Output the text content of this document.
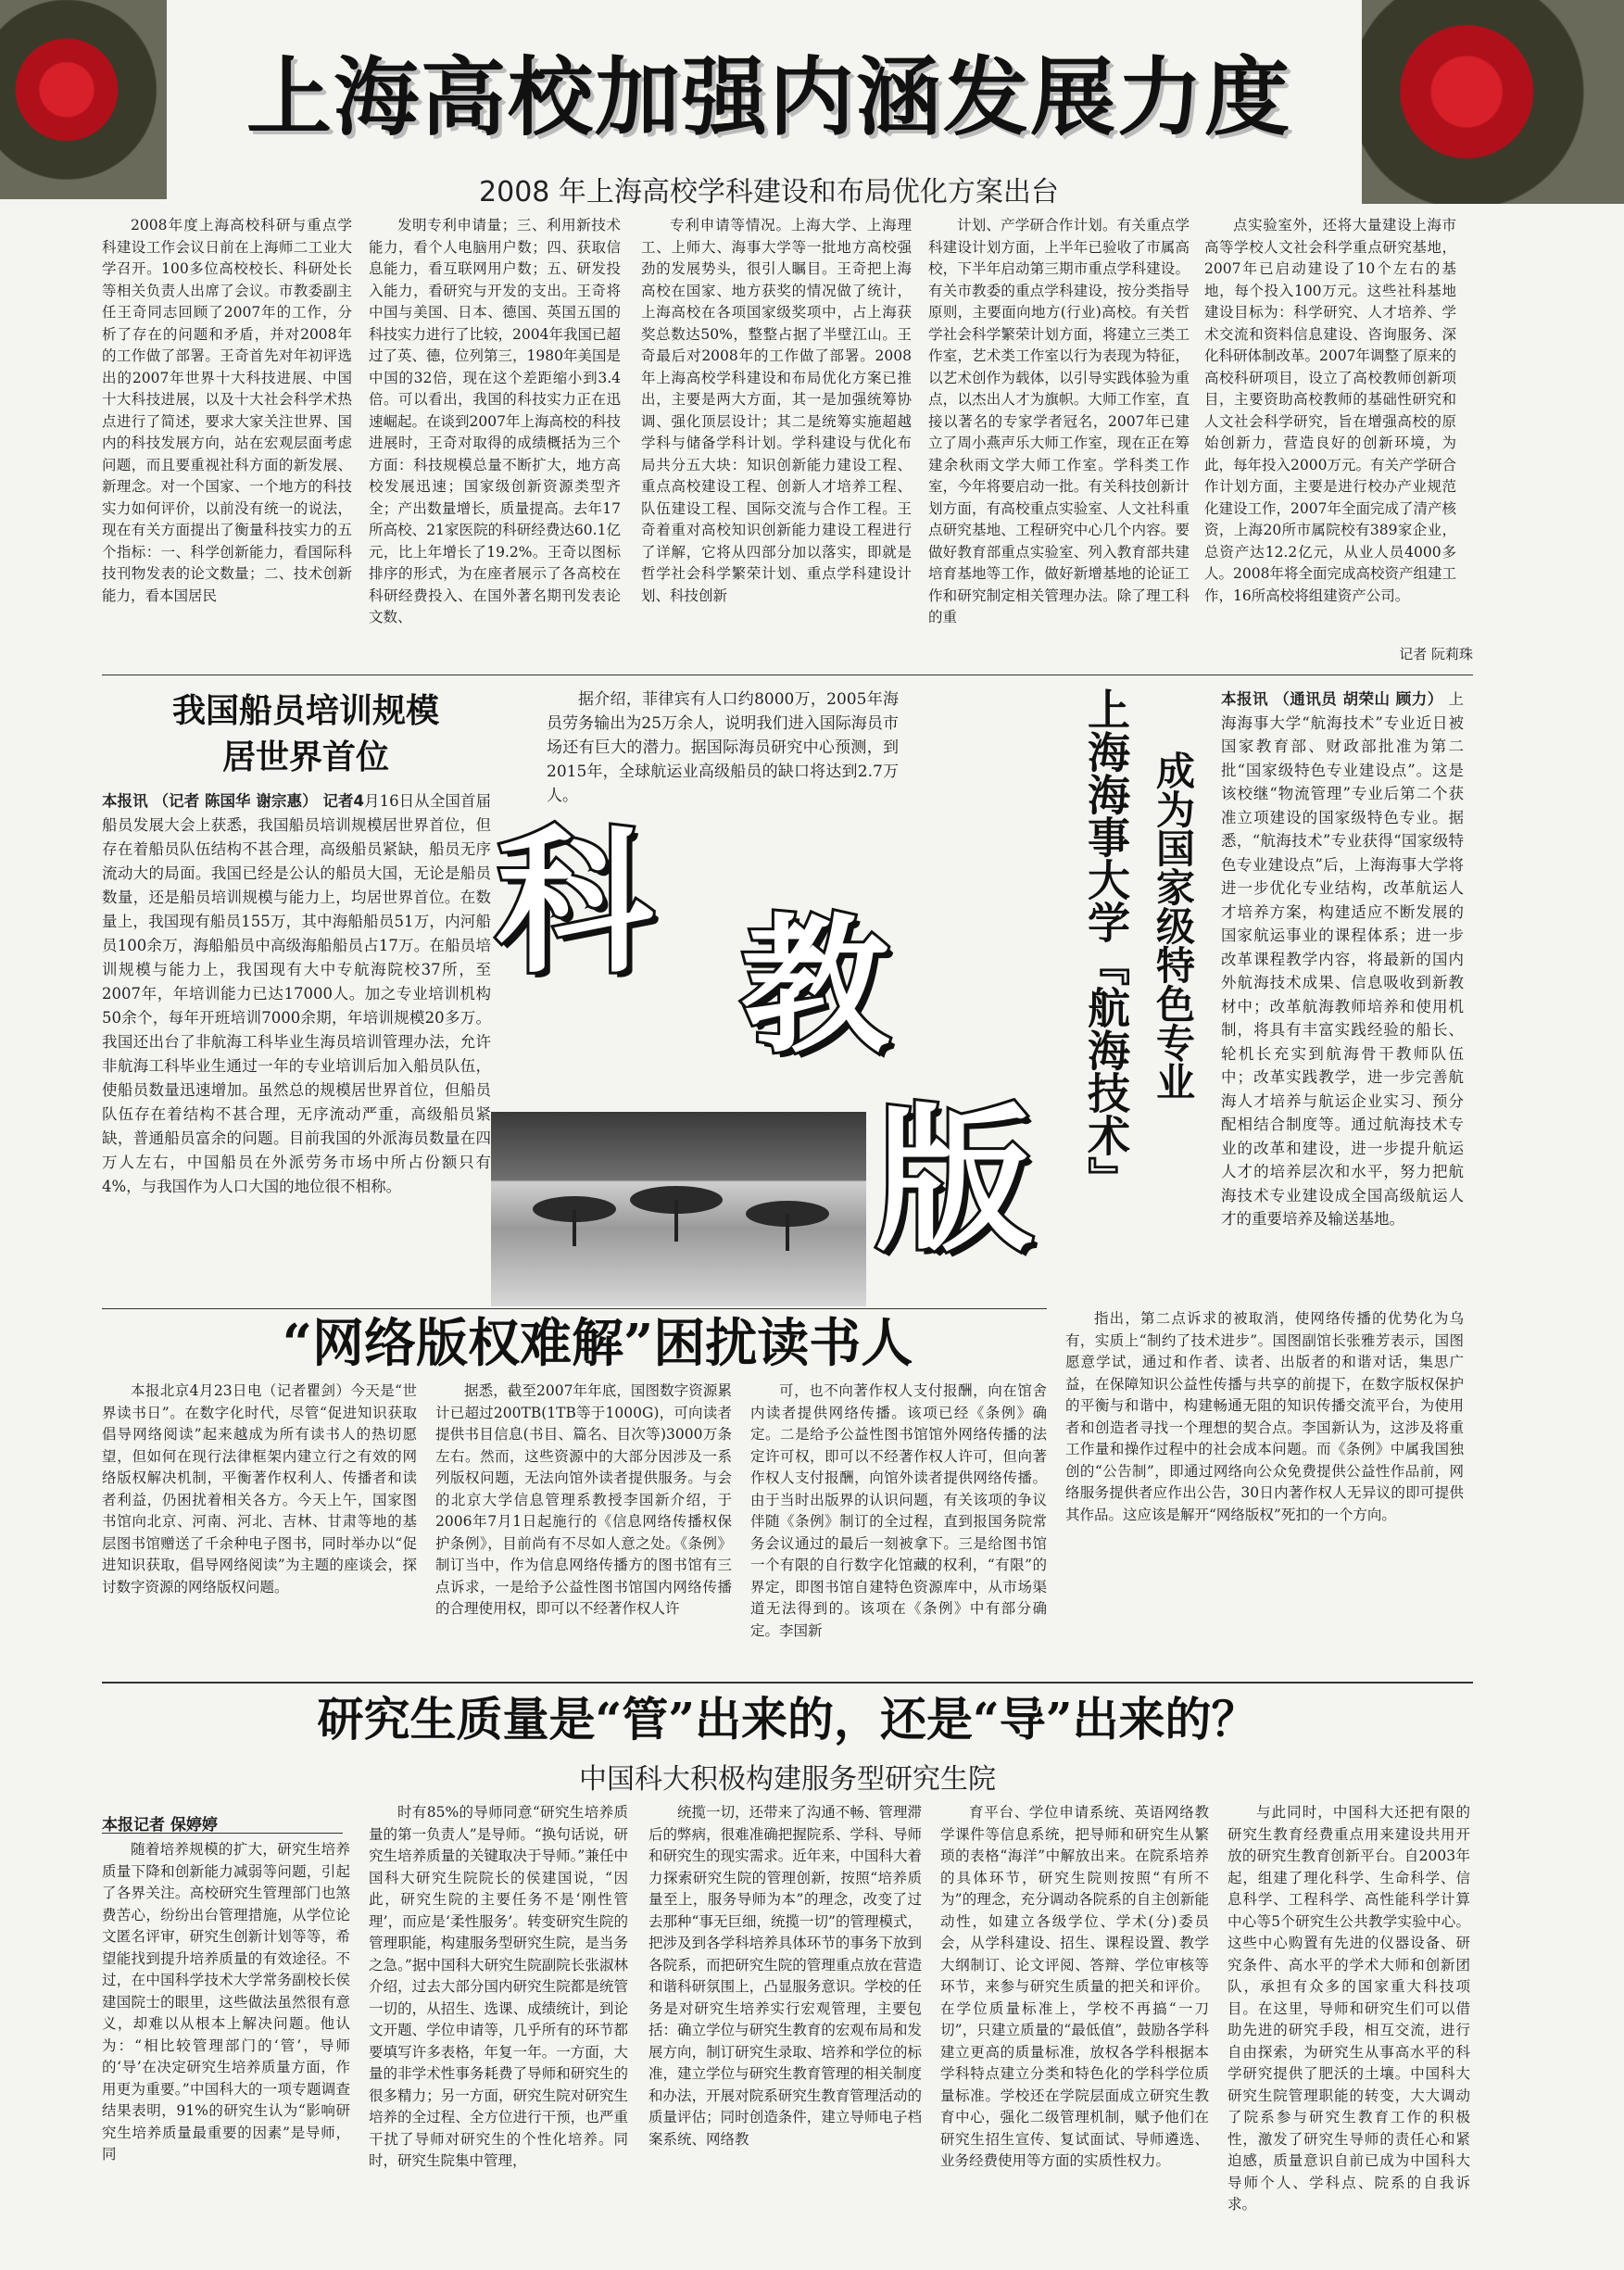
上海高校加强内涵发展力度
2008 年上海高校学科建设和布局优化方案出台

2008年度上海高校科研与重点学科建设工作会议日前在上海师二工业大学召开。100多位高校校长、科研处长等相关负责人出席了会议。市教委副主任王奇同志回顾了2007年的工作，分析了存在的问题和矛盾，并对2008年的工作做了部署。王奇首先对年初评选出的2007年世界十大科技进展、中国十大科技进展，以及十大社会科学术热点进行了简述，要求大家关注世界、国内的科技发展方向，站在宏观层面考虑问题，而且要重视社科方面的新发展、新理念。对一个国家、一个地方的科技实力如何评价，以前没有统一的说法，现在有关方面提出了衡量科技实力的五个指标：一、科学创新能力，看国际科技刊物发表的论文数量；二、技术创新能力，看本国居民

发明专利申请量；三、利用新技术能力，看个人电脑用户数；四、获取信息能力，看互联网用户数；五、研发投入能力，看研究与开发的支出。王奇将中国与美国、日本、德国、英国五国的科技实力进行了比较，2004年我国已超过了英、德，位列第三，1980年美国是中国的32倍，现在这个差距缩小到3.4倍。可以看出，我国的科技实力正在迅速崛起。在谈到2007年上海高校的科技进展时，王奇对取得的成绩概括为三个方面：科技规模总量不断扩大，地方高校发展迅速；国家级创新资源类型齐全；产出数量增长，质量提高。去年17所高校、21家医院的科研经费达60.1亿元，比上年增长了19.2%。王奇以图标排序的形式，为在座者展示了各高校在科研经费投入、在国外著名期刊发表论文数、

专利申请等情况。上海大学、上海理工、上师大、海事大学等一批地方高校强劲的发展势头，很引人瞩目。王奇把上海高校在国家、地方获奖的情况做了统计，上海高校在各项国家级奖项中，占上海获奖总数达50%，整整占据了半壁江山。王奇最后对2008年的工作做了部署。2008年上海高校学科建设和布局优化方案已推出，主要是两大方面，其一是加强统筹协调、强化顶层设计；其二是统筹实施超越学科与储备学科计划。学科建设与优化布局共分五大块：知识创新能力建设工程、重点高校建设工程、创新人才培养工程、队伍建设工程、国际交流与合作工程。王奇着重对高校知识创新能力建设工程进行了详解，它将从四部分加以落实，即就是哲学社会科学繁荣计划、重点学科建设计划、科技创新

计划、产学研合作计划。有关重点学科建设计划方面，上半年已验收了市属高校，下半年启动第三期市重点学科建设。有关市教委的重点学科建设，按分类指导原则，主要面向地方(行业)高校。有关哲学社会科学繁荣计划方面，将建立三类工作室，艺术类工作室以行为表现为特征，以艺术创作为载体，以引导实践体验为重点，以杰出人才为旗帜。大师工作室，直接以著名的专家学者冠名，2007年已建立了周小燕声乐大师工作室，现在正在筹建余秋雨文学大师工作室。学科类工作室，今年将要启动一批。有关科技创新计划方面，有高校重点实验室、人文社科重点研究基地、工程研究中心几个内容。要做好教育部重点实验室、列入教育部共建培育基地等工作，做好新增基地的论证工作和研究制定相关管理办法。除了理工科的重

点实验室外，还将大量建设上海市高等学校人文社会科学重点研究基地，2007年已启动建设了10个左右的基地，每个投入100万元。这些社科基地建设目标为：科学研究、人才培养、学术交流和资料信息建设、咨询服务、深化科研体制改革。2007年调整了原来的高校科研项目，设立了高校教师创新项目，主要资助高校教师的基础性研究和人文社会科学研究，旨在增强高校的原始创新力，营造良好的创新环境，为此，每年投入2000万元。有关产学研合作计划方面，主要是进行校办产业规范化建设工作，2007年全面完成了清产核资，上海20所市属院校有389家企业，总资产达12.2亿元，从业人员4000多人。2008年将全面完成高校资产组建工作，16所高校将组建资产公司。

记者 阮莉珠
我国船员培训规模
居世界首位
本报讯 （记者 陈国华 谢宗惠） 记者4月16日从全国首届船员发展大会上获悉，我国船员培训规模居世界首位，但存在着船员队伍结构不甚合理，高级船员紧缺，船员无序流动大的局面。我国已经是公认的船员大国，无论是船员数量，还是船员培训规模与能力上，均居世界首位。在数量上，我国现有船员155万，其中海船船员51万，内河船员100余万，海船船员中高级海船船员占17万。在船员培训规模与能力上，我国现有大中专航海院校37所，至2007年，年培训能力已达17000人。加之专业培训机构50余个，每年开班培训7000余期，年培训规模20多万。我国还出台了非航海工科毕业生海员培训管理办法，允许非航海工科毕业生通过一年的专业培训后加入船员队伍，使船员数量迅速增加。虽然总的规模居世界首位，但船员队伍存在着结构不甚合理，无序流动严重，高级船员紧缺，普通船员富余的问题。目前我国的外派海员数量在四万人左右，中国船员在外派劳务市场中所占份额只有4%，与我国作为人口大国的地位很不相称。

据介绍，菲律宾有人口约8000万，2005年海员劳务输出为25万余人，说明我们进入国际海员市场还有巨大的潜力。据国际海员研究中心预测，到2015年，全球航运业高级船员的缺口将达到2.7万人。

科 教
版	上海海事大学『航海技术』 成为国家级特色专业
本报讯 （通讯员 胡荣山 顾力） 上海海事大学“航海技术”专业近日被国家教育部、财政部批准为第二批“国家级特色专业建设点”。这是该校继“物流管理”专业后第二个获准立项建设的国家级特色专业。据悉，“航海技术”专业获得“国家级特色专业建设点”后，上海海事大学将进一步优化专业结构，改革航运人才培养方案，构建适应不断发展的国家航运事业的课程体系；进一步改革课程教学内容，将最新的国内外航海技术成果、信息吸收到新教材中；改革航海教师培养和使用机制，将具有丰富实践经验的船长、轮机长充实到航海骨干教师队伍中；改革实践教学，进一步完善航海人才培养与航运企业实习、预分配相结合制度等。通过航海技术专业的改革和建设，进一步提升航运人才的培养层次和水平，努力把航海技术专业建设成全国高级航运人才的重要培养及输送基地。
“网络版权难解”困扰读书人

本报北京4月23日电（记者瞿剑）今天是“世界读书日”。在数字化时代，尽管“促进知识获取 倡导网络阅读”起来越成为所有读书人的热切愿望，但如何在现行法律框架内建立行之有效的网络版权解决机制，平衡著作权利人、传播者和读者利益，仍困扰着相关各方。今天上午，国家图书馆向北京、河南、河北、吉林、甘肃等地的基层图书馆赠送了千余种电子图书，同时举办以“促进知识获取，倡导网络阅读”为主题的座谈会，探讨数字资源的网络版权问题。

据悉，截至2007年年底，国图数字资源累计已超过200TB(1TB等于1000G)，可向读者提供书目信息(书目、篇名、目次等)3000万条左右。然而，这些资源中的大部分因涉及一系列版权问题，无法向馆外读者提供服务。与会的北京大学信息管理系教授李国新介绍，于2006年7月1日起施行的《信息网络传播权保护条例》，目前尚有不尽如人意之处。《条例》制订当中，作为信息网络传播方的图书馆有三点诉求，一是给予公益性图书馆国内网络传播的合理使用权，即可以不经著作权人许

可，也不向著作权人支付报酬，向在馆舍内读者提供网络传播。该项已经《条例》确定。二是给予公益性图书馆馆外网络传播的法定许可权，即可以不经著作权人许可，但向著作权人支付报酬，向馆外读者提供网络传播。由于当时出版界的认识问题，有关该项的争议伴随《条例》制订的全过程，直到报国务院常务会议通过的最后一刻被拿下。三是给图书馆一个有限的自行数字化馆藏的权利，“有限”的界定，即图书馆自建特色资源库中，从市场渠道无法得到的。该项在《条例》中有部分确定。李国新

指出，第二点诉求的被取消，使网络传播的优势化为乌有，实质上“制约了技术进步”。国图副馆长张雅芳表示，国图愿意学试，通过和作者、读者、出版者的和谐对话，集思广益，在保障知识公益性传播与共享的前提下，在数字版权保护的平衡与和谐中，构建畅通无阻的知识传播交流平台，为使用者和创造者寻找一个理想的契合点。李国新认为，这涉及将重工作量和操作过程中的社会成本问题。而《条例》中属我国独创的“公告制”，即通过网络向公众免费提供公益性作品前，网络服务提供者应作出公告，30日内著作权人无异议的即可提供其作品。这应该是解开“网络版权”死扣的一个方向。

研究生质量是“管”出来的，还是“导”出来的？
中国科大积极构建服务型研究生院
本报记者 保婷婷

随着培养规模的扩大，研究生培养质量下降和创新能力减弱等问题，引起了各界关注。高校研究生管理部门也煞费苦心，纷纷出台管理措施，从学位论文匿名评审，研究生创新计划等等，希望能找到提升培养质量的有效途径。不过，在中国科学技术大学常务副校长侯建国院士的眼里，这些做法虽然很有意义，却难以从根本上解决问题。他认为：“相比较管理部门的‘管’，导师的‘导’在决定研究生培养质量方面，作用更为重要。”中国科大的一项专题调查结果表明，91%的研究生认为“影响研究生培养质量最重要的因素”是导师，同

时有85%的导师同意“研究生培养质量的第一负责人”是导师。“换句话说，研究生培养质量的关键取决于导师。”兼任中国科大研究生院院长的侯建国说，“因此，研究生院的主要任务不是‘刚性管理’，而应是‘柔性服务’。转变研究生院的管理职能，构建服务型研究生院，是当务之急。”据中国科大研究生院副院长张淑林介绍，过去大部分国内研究生院都是统管一切的，从招生、选课、成绩统计，到论文开题、学位申请等，几乎所有的环节都要填写许多表格，年复一年。一方面，大量的非学术性事务耗费了导师和研究生的很多精力；另一方面，研究生院对研究生培养的全过程、全方位进行干预，也严重干扰了导师对研究生的个性化培养。同时，研究生院集中管理，

统揽一切，还带来了沟通不畅、管理滞后的弊病，很难准确把握院系、学科、导师和研究生的现实需求。近年来，中国科大着力探索研究生院的管理创新，按照“培养质量至上，服务导师为本”的理念，改变了过去那种“事无巨细，统揽一切”的管理模式，把涉及到各学科培养具体环节的事务下放到各院系，而把研究生院的管理重点放在营造和谐科研氛围上，凸显服务意识。学校的任务是对研究生培养实行宏观管理，主要包括：确立学位与研究生教育的宏观布局和发展方向，制订研究生录取、培养和学位的标准，建立学位与研究生教育管理的相关制度和办法，开展对院系研究生教育管理活动的质量评估；同时创造条件，建立导师电子档案系统、网络教

育平台、学位申请系统、英语网络教学课件等信息系统，把导师和研究生从繁琐的表格“海洋”中解放出来。在院系培养的具体环节，研究生院则按照“有所不为”的理念，充分调动各院系的自主创新能动性，如建立各级学位、学术(分)委员会，从学科建设、招生、课程设置、教学大纲制订、论文评阅、答辩、学位审核等环节，来参与研究生质量的把关和评价。在学位质量标准上，学校不再搞“一刀切”，只建立质量的“最低值”，鼓励各学科建立更高的质量标准，放权各学科根据本学科特点建立分类和特色化的学科学位质量标准。学校还在学院层面成立研究生教育中心，强化二级管理机制，赋予他们在研究生招生宣传、复试面试、导师遴选、业务经费使用等方面的实质性权力。

与此同时，中国科大还把有限的研究生教育经费重点用来建设共用开放的研究生教育创新平台。自2003年起，组建了理化科学、生命科学、信息科学、工程科学、高性能科学计算中心等5个研究生公共教学实验中心。这些中心购置有先进的仪器设备、研究条件、高水平的学术大师和创新团队，承担有众多的国家重大科技项目。在这里，导师和研究生们可以借助先进的研究手段，相互交流，进行自由探索，为研究生从事高水平的科学研究提供了肥沃的土壤。中国科大研究生院管理职能的转变，大大调动了院系参与研究生教育工作的积极性，激发了研究生导师的责任心和紧迫感，质量意识自前已成为中国科大导师个人、学科点、院系的自我诉求。
